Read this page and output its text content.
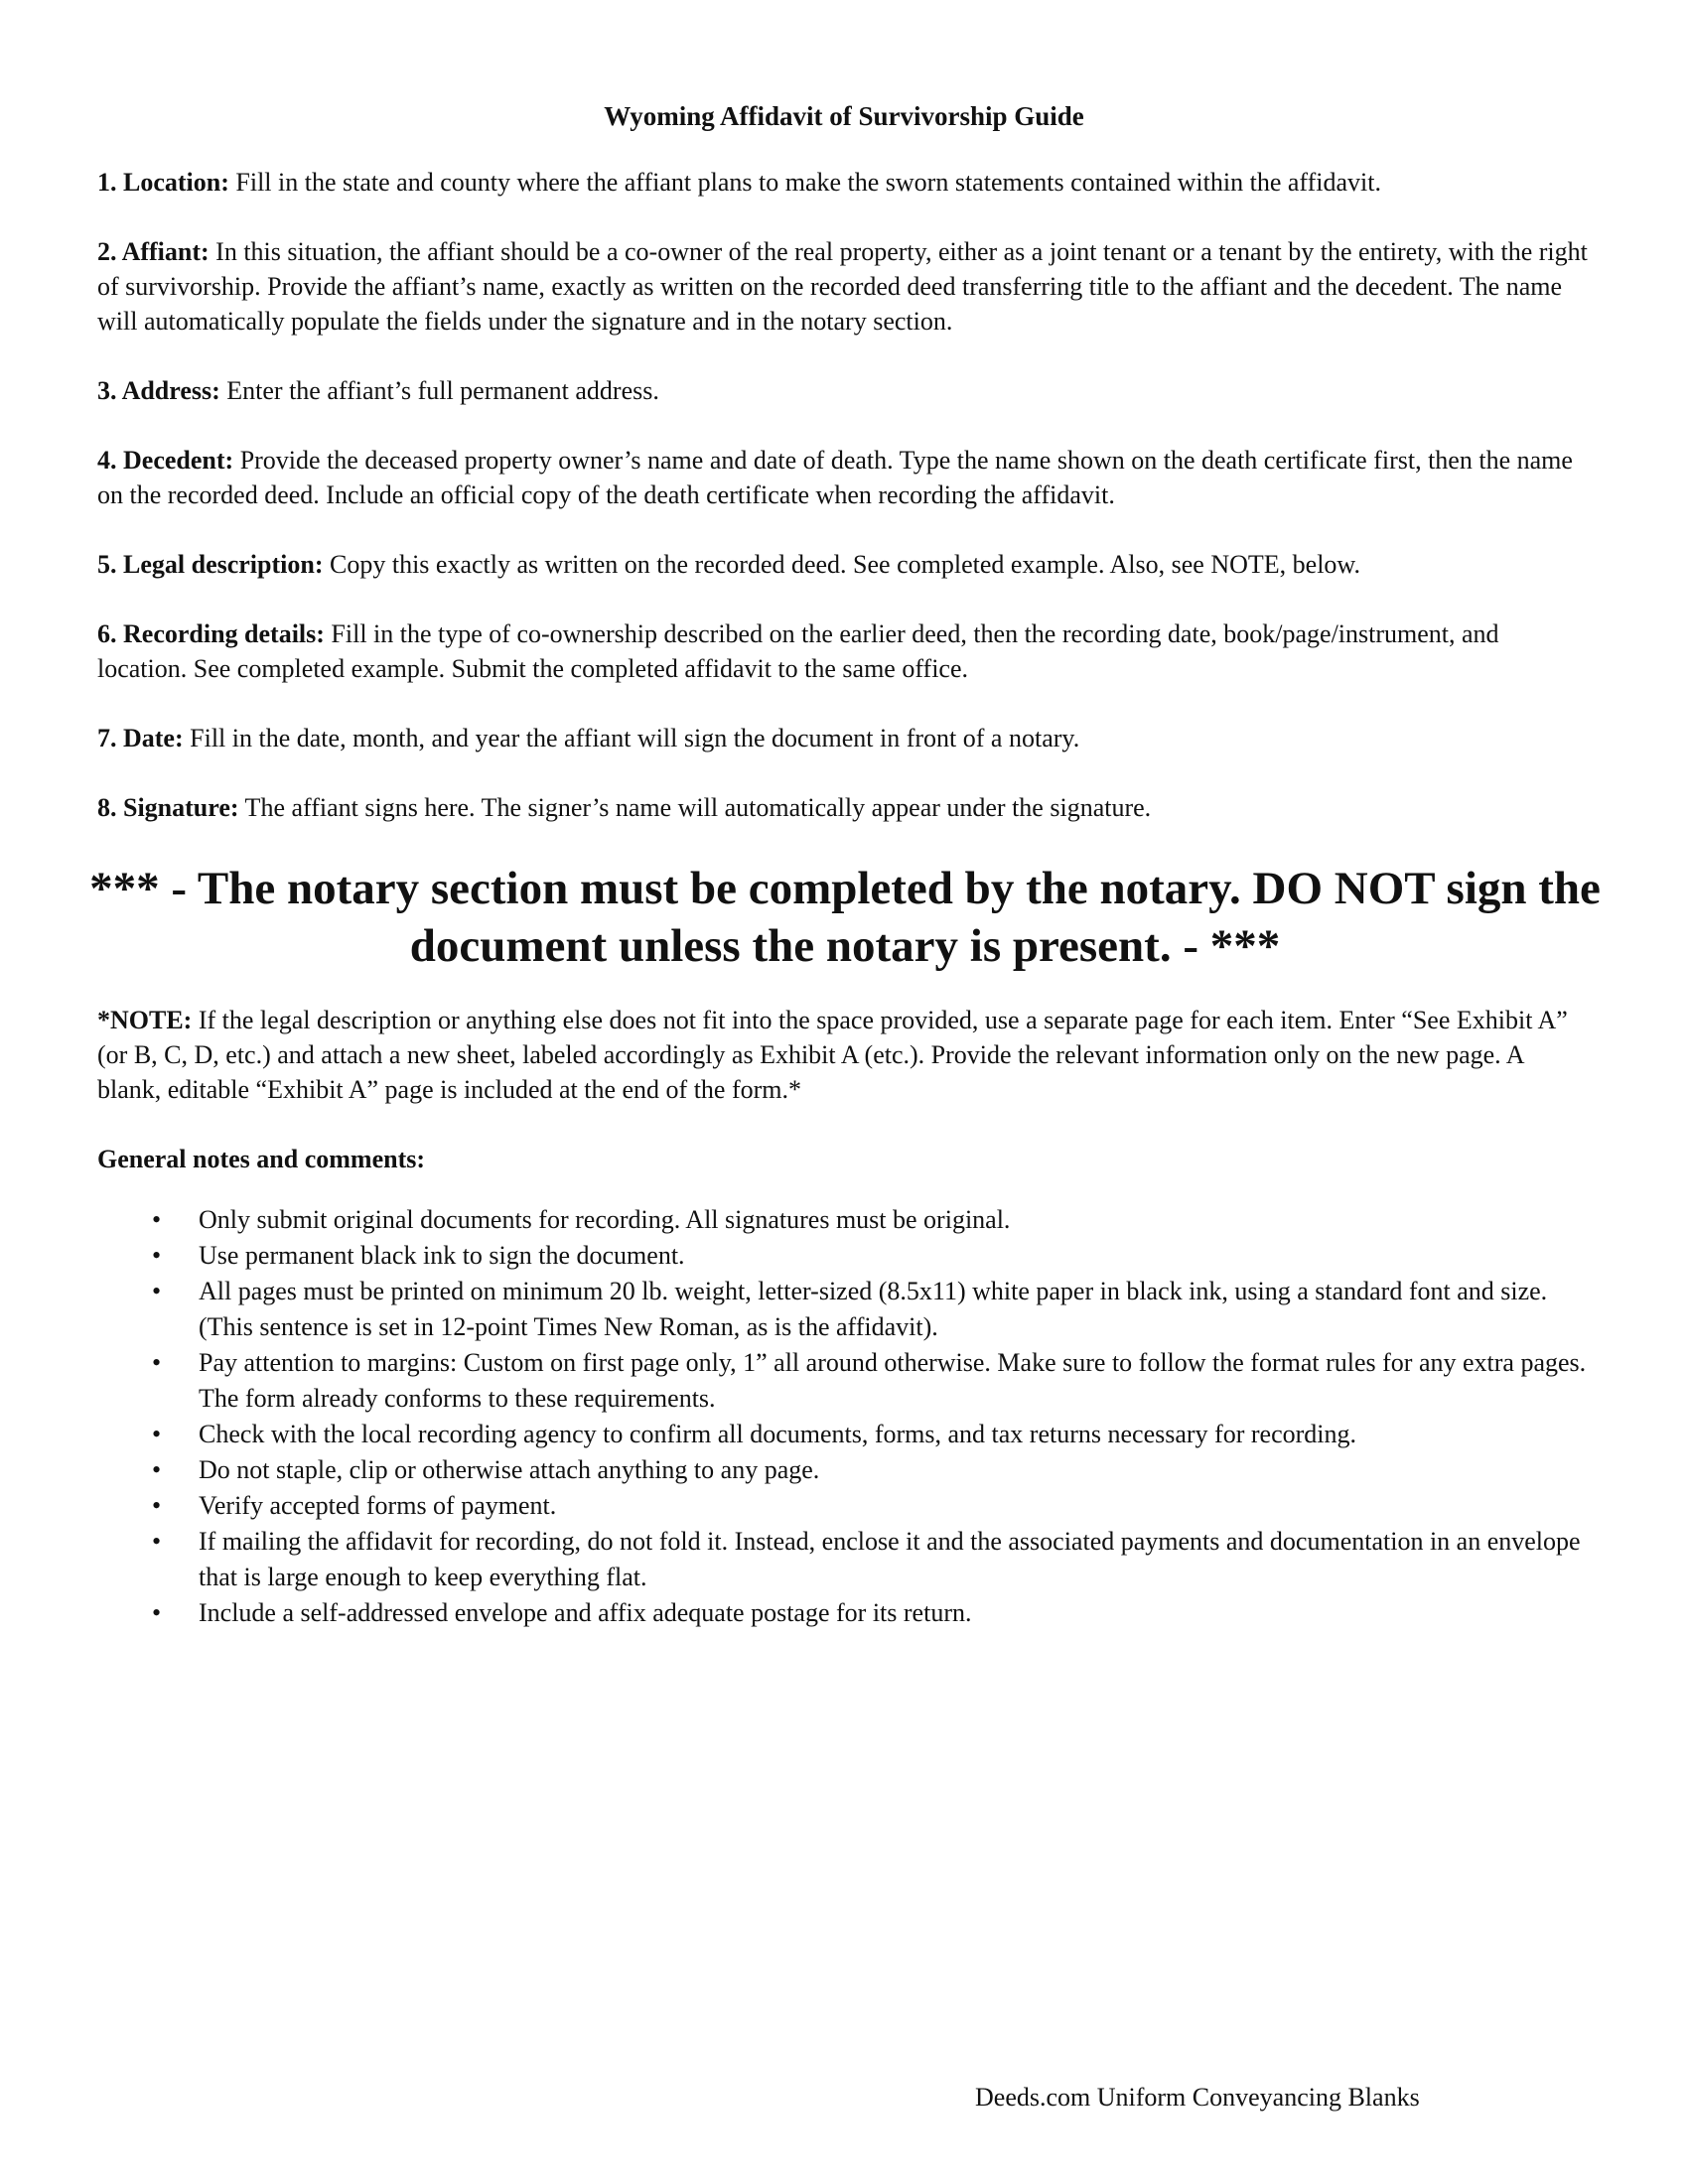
Wyoming Affidavit of Survivorship Guide

1. Location: Fill in the state and county where the affiant plans to make the sworn statements contained within the affidavit.

2. Affiant: In this situation, the affiant should be a co-owner of the real property, either as a joint tenant or a tenant by the entirety, with the right of survivorship. Provide the affiant’s name, exactly as written on the recorded deed transferring title to the affiant and the decedent. The name will automatically populate the fields under the signature and in the notary section.

3. Address: Enter the affiant’s full permanent address.

4. Decedent: Provide the deceased property owner’s name and date of death. Type the name shown on the death certificate first, then the name on the recorded deed. Include an official copy of the death certificate when recording the affidavit.

5. Legal description: Copy this exactly as written on the recorded deed. See completed example. Also, see NOTE, below.

6. Recording details: Fill in the type of co-ownership described on the earlier deed, then the recording date, book/page/instrument, and location. See completed example. Submit the completed affidavit to the same office.

7. Date: Fill in the date, month, and year the affiant will sign the document in front of a notary.

8. Signature: The affiant signs here. The signer’s name will automatically appear under the signature.

*** - The notary section must be completed by the notary. DO NOT sign the document unless the notary is present. - ***

*NOTE: If the legal description or anything else does not fit into the space provided, use a separate page for each item. Enter “See Exhibit A” (or B, C, D, etc.) and attach a new sheet, labeled accordingly as Exhibit A (etc.). Provide the relevant information only on the new page. A blank, editable “Exhibit A” page is included at the end of the form.*

General notes and comments:
• Only submit original documents for recording. All signatures must be original.
• Use permanent black ink to sign the document.
• All pages must be printed on minimum 20 lb. weight, letter-sized (8.5x11) white paper in black ink, using a standard font and size. (This sentence is set in 12-point Times New Roman, as is the affidavit).
• Pay attention to margins: Custom on first page only, 1” all around otherwise. Make sure to follow the format rules for any extra pages. The form already conforms to these requirements.
• Check with the local recording agency to confirm all documents, forms, and tax returns necessary for recording.
• Do not staple, clip or otherwise attach anything to any page.
• Verify accepted forms of payment.
• If mailing the affidavit for recording, do not fold it. Instead, enclose it and the associated payments and documentation in an envelope that is large enough to keep everything flat.
• Include a self-addressed envelope and affix adequate postage for its return.
Deeds.com Uniform Conveyancing Blanks
